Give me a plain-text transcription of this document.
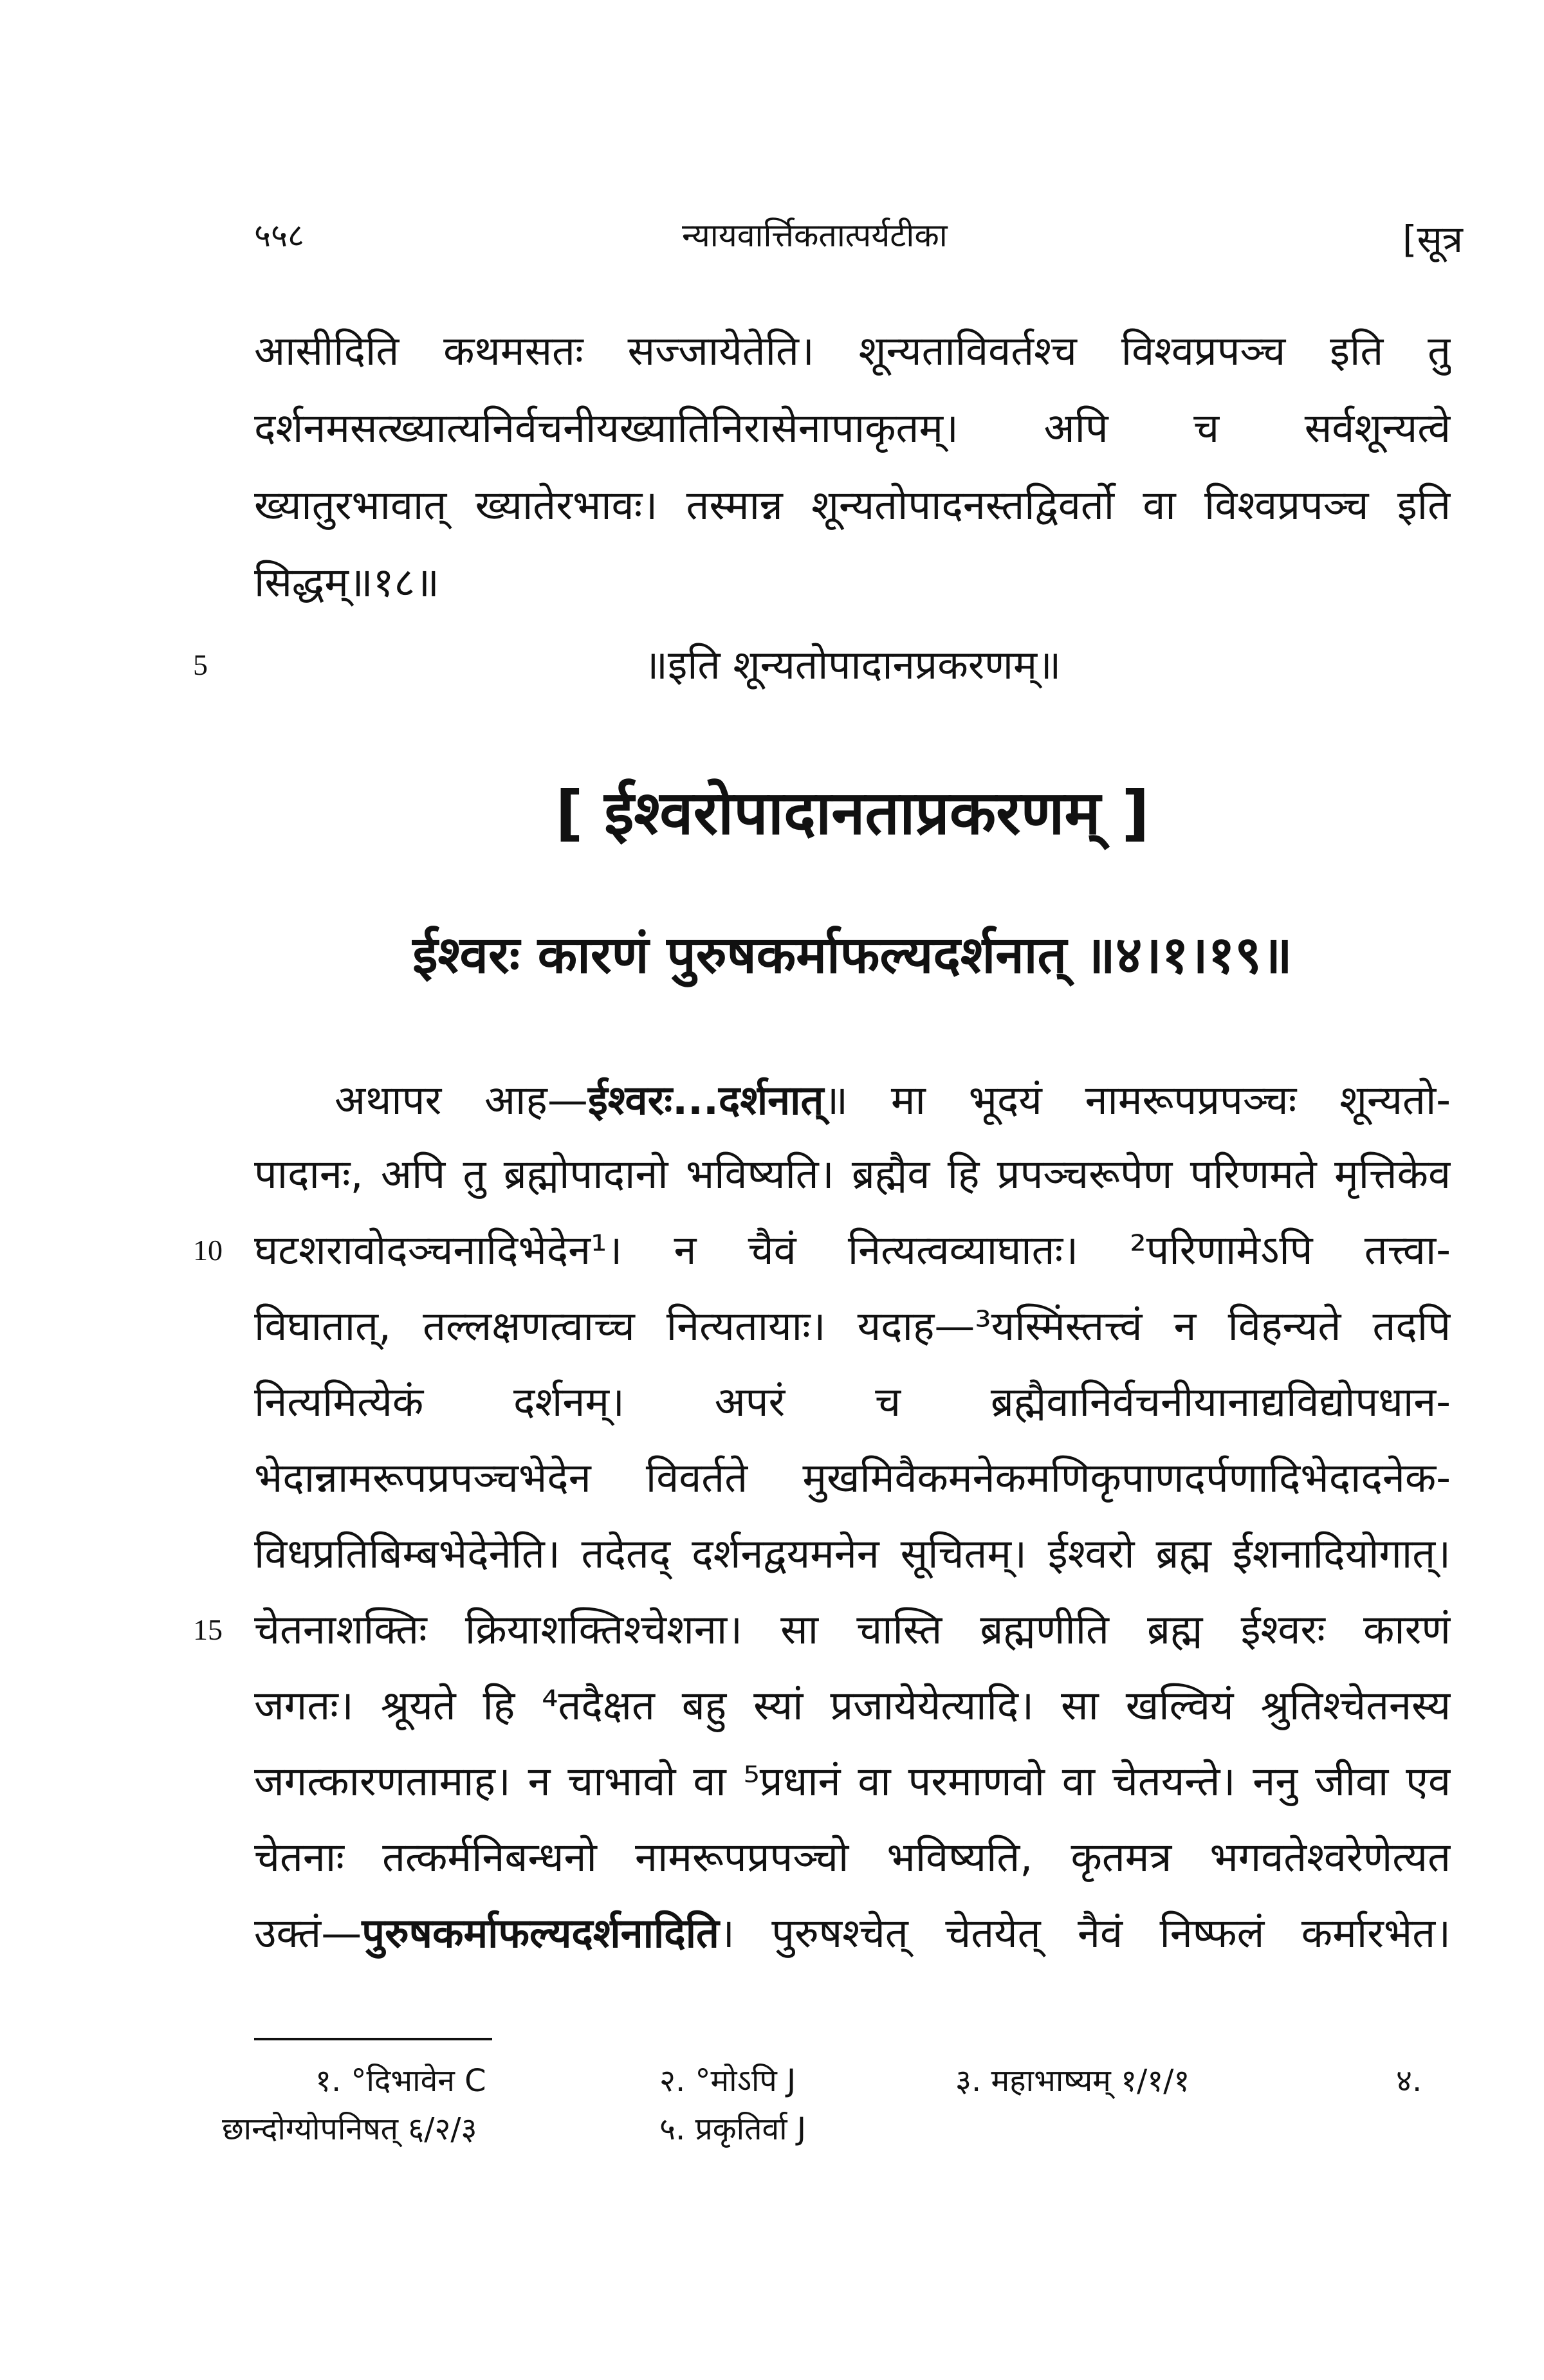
५५८	न्यायवार्त्तिकतात्पर्यटीका	[सूत्र
आसीदिति कथमसतः सज्जायेतेति। शून्यताविवर्तश्च विश्वप्रपञ्च इति तु
दर्शनमसत्ख्यात्यनिर्वचनीयख्यातिनिरासेनापाकृतम्। अपि च सर्वशून्यत्वे
ख्यातुरभावात् ख्यातेरभावः। तस्मान्न शून्यतोपादनस्तद्विवर्तो वा विश्वप्रपञ्च इति
सिद्धम्॥१८॥
5	॥इति शून्यतोपादानप्रकरणम्॥
[ ईश्वरोपादानताप्रकरणम् ]
ईश्वरः कारणं पुरुषकर्माफल्यदर्शनात् ॥४।१।१९॥
अथापर आह—ईश्वरः...दर्शनात्॥ मा भूदयं नामरूपप्रपञ्चः शून्यतो-
पादानः, अपि तु ब्रह्मोपादानो भविष्यति। ब्रह्मैव हि प्रपञ्चरूपेण परिणमते मृत्तिकेव
10 घटशरावोदञ्चनादिभेदेन¹। न चैवं नित्यत्वव्याघातः। ²परिणामेऽपि तत्त्वा-
विघातात्, तल्लक्षणत्वाच्च नित्यतायाः। यदाह—³यस्मिंस्तत्त्वं न विहन्यते तदपि
नित्यमित्येकं दर्शनम्। अपरं च ब्रह्मैवानिर्वचनीयानाद्यविद्योपधान-
भेदान्नामरूपप्रपञ्चभेदेन विवर्तते मुखमिवैकमनेकमणिकृपाणदर्पणादिभेदादनेक-
विधप्रतिबिम्बभेदेनेति। तदेतद् दर्शनद्वयमनेन सूचितम्। ईश्वरो ब्रह्म ईशनादियोगात्।
15 चेतनाशक्तिः क्रियाशक्तिश्चेशना। सा चास्ति ब्रह्मणीति ब्रह्म ईश्वरः कारणं
जगतः। श्रूयते हि ⁴तदैक्षत बहु स्यां प्रजायेयेत्यादि। सा खल्वियं श्रुतिश्चेतनस्य
जगत्कारणतामाह। न चाभावो वा ⁵प्रधानं वा परमाणवो वा चेतयन्ते। ननु जीवा एव
चेतनाः तत्कर्मनिबन्धनो नामरूपप्रपञ्चो भविष्यति, कृतमत्र भगवतेश्वरेणेत्यत
उक्तं—पुरुषकर्माफल्यदर्शनादिति। पुरुषश्चेत् चेतयेत् नैवं निष्फलं कर्मारभेत।
१. °दिभावेन C	२. °मोऽपि J	३. महाभाष्यम् १/१/१	४.
छान्दोग्योपनिषत् ६/२/३	५. प्रकृतिर्वा J
